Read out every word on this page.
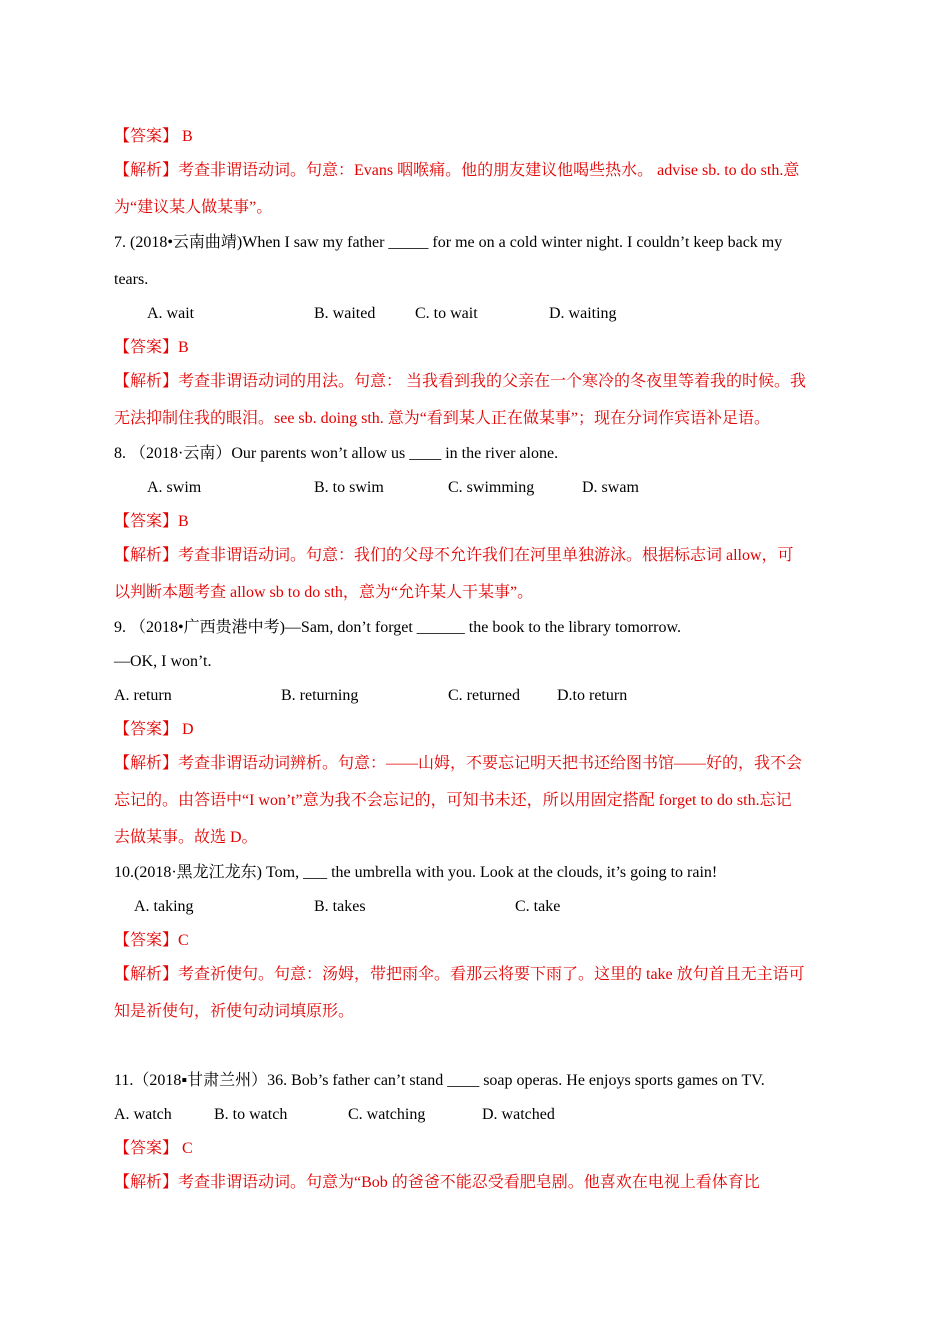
【答案】 B
【解析】考查非谓语动词。句意：Evans 咽喉痛。他的朋友建议他喝些热水。 advise sb. to do sth.意
为“建议某人做某事”。
7. (2018•云南曲靖)When I saw my father _____ for me on a cold winter night. I couldn’t keep back my
tears.
A. wait	B. waited C. to wait	D. waiting
【答案】B
【解析】考查非谓语动词的用法。句意： 当我看到我的父亲在一个寒冷的冬夜里等着我的时候。我
无法抑制住我的眼泪。see sb. doing sth. 意为“看到某人正在做某事”；现在分词作宾语补足语。
8. （2018·云南）Our parents won’t allow us ____ in the river alone.
A. swim	B. to swim	C. swimming	D. swam
【答案】B
【解析】考查非谓语动词。句意：我们的父母不允许我们在河里单独游泳。根据标志词 allow，可
以判断本题考查 allow sb to do sth，意为“允许某人干某事”。
9. （2018•广西贵港中考)—Sam, don’t forget ______ the book to the library tomorrow.
—OK, I won’t.
A. return	B. returning	C. returned D.to return
【答案】 D
【解析】考查非谓语动词辨析。句意：——山姆，不要忘记明天把书还给图书馆——好的，我不会
忘记的。由答语中“I won’t”意为我不会忘记的，可知书未还，所以用固定搭配 forget to do sth.忘记
去做某事。故选 D。
10.(2018·黑龙江龙东) Tom, ___ the umbrella with you. Look at the clouds, it’s going to rain!
A. taking	B. takes	C. take
【答案】C
【解析】考查祈使句。句意：汤姆，带把雨伞。看那云将要下雨了。这里的 take 放句首且无主语可
知是祈使句，祈使句动词填原形。
11.（2018▪甘肃兰州）36. Bob’s father can’t stand ____ soap operas. He enjoys sports games on TV.
A. watch	B. to watch	C. watching	D. watched
【答案】 C
【解析】考查非谓语动词。句意为“Bob 的爸爸不能忍受看肥皂剧。他喜欢在电视上看体育比
